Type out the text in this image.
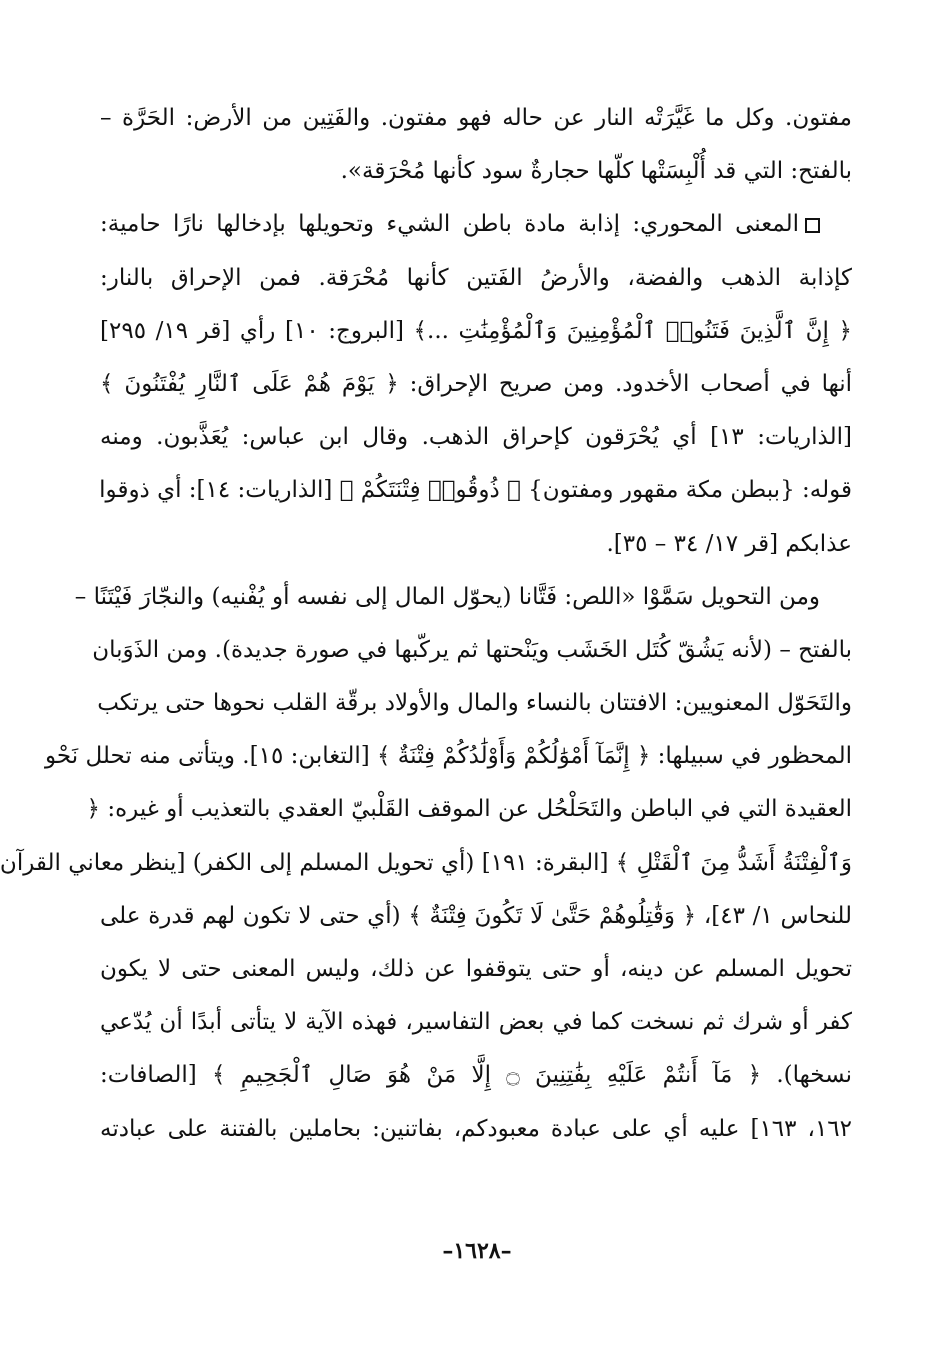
مفتون. وكل ما غَيَّرَتْه النار عن حاله فهو مفتون. والفَتِين من الأرض: الحَرَّة –
بالفتح: التي قد أُلْبِسَتْها كلّها حجارةٌ سود كأنها مُحْرَقة».
المعنى المحوري: إذابة مادة باطن الشيء وتحويلها بإدخالها نارًا حامية:
كإذابة الذهب والفضة، والأرضُ الفَتين كأنها مُحْرَقة. فمن الإحراق بالنار:
﴿ إِنَّ ٱلَّذِينَ فَتَنُوا۟ ٱلْمُؤْمِنِينَ وَٱلْمُؤْمِنَٰتِ ...﴾ [البروج: ١٠] رأي [قر ١٩/ ٢٩٥]
أنها في أصحاب الأخدود. ومن صريح الإحراق: ﴿ يَوْمَ هُمْ عَلَى ٱلنَّارِ يُفْتَنُونَ ﴾
[الذاريات: ١٣] أي يُحْرَقون كإحراق الذهب. وقال ابن عباس: يُعَذَّبون. ومنه
قوله: {ببطن مكة مقهور ومفتون} ﴿ ذُوقُوا۟ فِتْنَتَكُمْ ﴾ [الذاريات: ١٤]: أي ذوقوا
عذابكم [قر ١٧/ ٣٤ – ٣٥].
ومن التحويل سَمَّوْا «اللص: فَتَّانا (يحوّل المال إلى نفسه أو يُفْنيه) والنجّارَ فَيْتَنًا –
بالفتح – (لأنه يَشُقّ كُتَل الخَشَب ويَنْحتها ثم يركّبها في صورة جديدة). ومن الذَوَبان
والتَحَوّل المعنويين: الافتتان بالنساء والمال والأولاد برقّة القلب نحوها حتى يرتكب
المحظور في سبيلها: ﴿ إِنَّمَآ أَمْوَٰلُكُمْ وَأَوْلَٰدُكُمْ فِتْنَةٌ ﴾ [التغابن: ١٥]. ويتأتى منه تحلل نَحْو
العقيدة التي في الباطن والتَحَلْحُل عن الموقف القَلْبيّ العقدي بالتعذيب أو غيره: ﴿
وَٱلْفِتْنَةُ أَشَدُّ مِنَ ٱلْقَتْلِ ﴾ [البقرة: ١٩١] (أي تحويل المسلم إلى الكفر) [ينظر معاني القرآن
للنحاس ١/ ٤٣]، ﴿ وَقَٰتِلُوهُمْ حَتَّىٰ لَا تَكُونَ فِتْنَةٌ ﴾ (أي حتى لا تكون لهم قدرة على
تحويل المسلم عن دينه، أو حتى يتوقفوا عن ذلك، وليس المعنى حتى لا يكون
كفر أو شرك ثم نسخت كما في بعض التفاسير، فهذه الآية لا يتأتى أبدًا أن يُدّعي
نسخها). ﴿ مَآ أَنتُمْ عَلَيْهِ بِفَٰتِنِينَ ۝ إِلَّا مَنْ هُوَ صَالِ ٱلْجَحِيمِ ﴾ [الصافات:
١٦٢، ١٦٣] عليه أي على عبادة معبودكم، بفاتنين: بحاملين بالفتنة على عبادته
–١٦٢٨–
